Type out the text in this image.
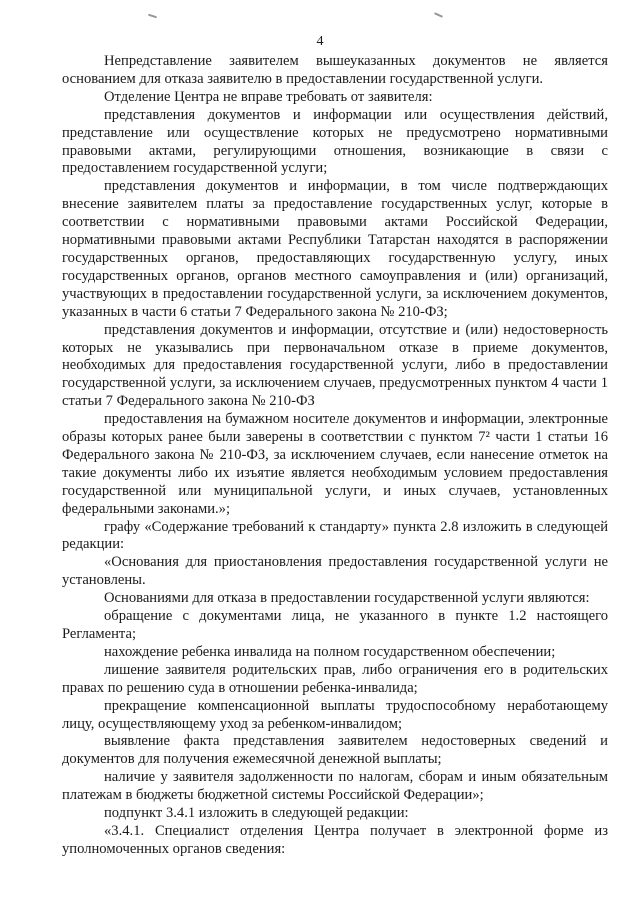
4

Непредставление заявителем вышеуказанных документов не является основанием для отказа заявителю в предоставлении государственной услуги.

Отделение Центра не вправе требовать от заявителя:

представления документов и информации или осуществления действий, представление или осуществление которых не предусмотрено нормативными правовыми актами, регулирующими отношения, возникающие в связи с предоставлением государственной услуги;

представления документов и информации, в том числе подтверждающих внесение заявителем платы за предоставление государственных услуг, которые в соответствии с нормативными правовыми актами Российской Федерации, нормативными правовыми актами Республики Татарстан находятся в распоряжении государственных органов, предоставляющих государственную услугу, иных государственных органов, органов местного самоуправления и (или) организаций, участвующих в предоставлении государственной услуги, за исключением документов, указанных в части 6 статьи 7 Федерального закона № 210-ФЗ;

представления документов и информации, отсутствие и (или) недостоверность которых не указывались при первоначальном отказе в приеме документов, необходимых для предоставления государственной услуги, либо в предоставлении государственной услуги, за исключением случаев, предусмотренных пунктом 4 части 1 статьи 7 Федерального закона № 210-ФЗ

предоставления на бумажном носителе документов и информации, электронные образы которых ранее были заверены в соответствии с пунктом 7² части 1 статьи 16 Федерального закона № 210-ФЗ, за исключением случаев, если нанесение отметок на такие документы либо их изъятие является необходимым условием предоставления государственной или муниципальной услуги, и иных случаев, установленных федеральными законами.»;

графу «Содержание требований к стандарту» пункта 2.8 изложить в следующей редакции:

«Основания для приостановления предоставления государственной услуги не установлены.

Основаниями для отказа в предоставлении государственной услуги являются:

обращение с документами лица, не указанного в пункте 1.2 настоящего Регламента;

нахождение ребенка инвалида на полном государственном обеспечении;

лишение заявителя родительских прав, либо ограничения его в родительских правах по решению суда в отношении ребенка-инвалида;

прекращение компенсационной выплаты трудоспособному неработающему лицу, осуществляющему уход за ребенком-инвалидом;

выявление факта представления заявителем недостоверных сведений и документов для получения ежемесячной денежной выплаты;

наличие у заявителя задолженности по налогам, сборам и иным обязательным платежам в бюджеты бюджетной системы Российской Федерации»;

подпункт 3.4.1 изложить в следующей редакции:

«3.4.1. Специалист отделения Центра получает в электронной форме из уполномоченных органов сведения:
